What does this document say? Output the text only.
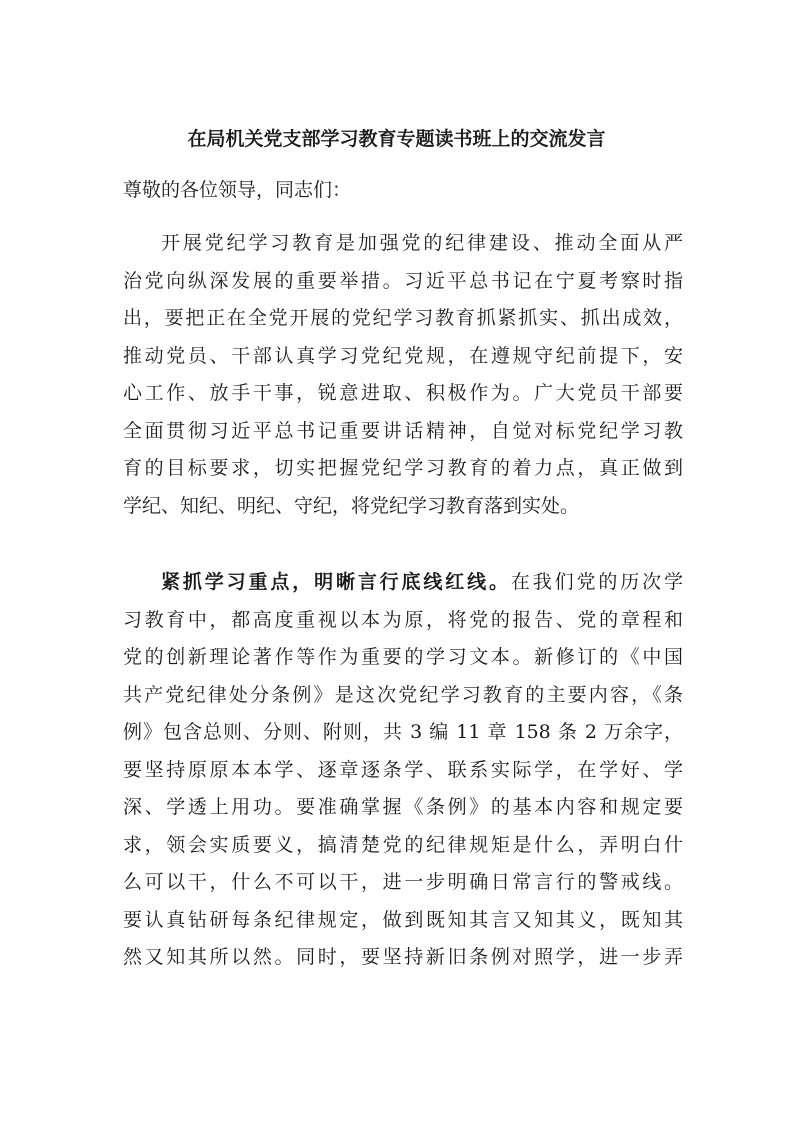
在局机关党支部学习教育专题读书班上的交流发言
尊敬的各位领导，同志们：
开展党纪学习教育是加强党的纪律建设、推动全面从严
治党向纵深发展的重要举措。习近平总书记在宁夏考察时指
出，要把正在全党开展的党纪学习教育抓紧抓实、抓出成效，
推动党员、干部认真学习党纪党规，在遵规守纪前提下，安
心工作、放手干事，锐意进取、积极作为。广大党员干部要
全面贯彻习近平总书记重要讲话精神，自觉对标党纪学习教
育的目标要求，切实把握党纪学习教育的着力点，真正做到
学纪、知纪、明纪、守纪，将党纪学习教育落到实处。
紧抓学习重点，明晰言行底线红线。在我们党的历次学
习教育中，都高度重视以本为原，将党的报告、党的章程和
党的创新理论著作等作为重要的学习文本。新修订的《中国
共产党纪律处分条例》是这次党纪学习教育的主要内容，《条
例》包含总则、分则、附则，共 3 编 11 章 158 条 2 万余字，
要坚持原原本本学、逐章逐条学、联系实际学，在学好、学
深、学透上用功。要准确掌握《条例》的基本内容和规定要
求，领会实质要义，搞清楚党的纪律规矩是什么，弄明白什
么可以干，什么不可以干，进一步明确日常言行的警戒线。
要认真钻研每条纪律规定，做到既知其言又知其义，既知其
然又知其所以然。同时，要坚持新旧条例对照学，进一步弄
